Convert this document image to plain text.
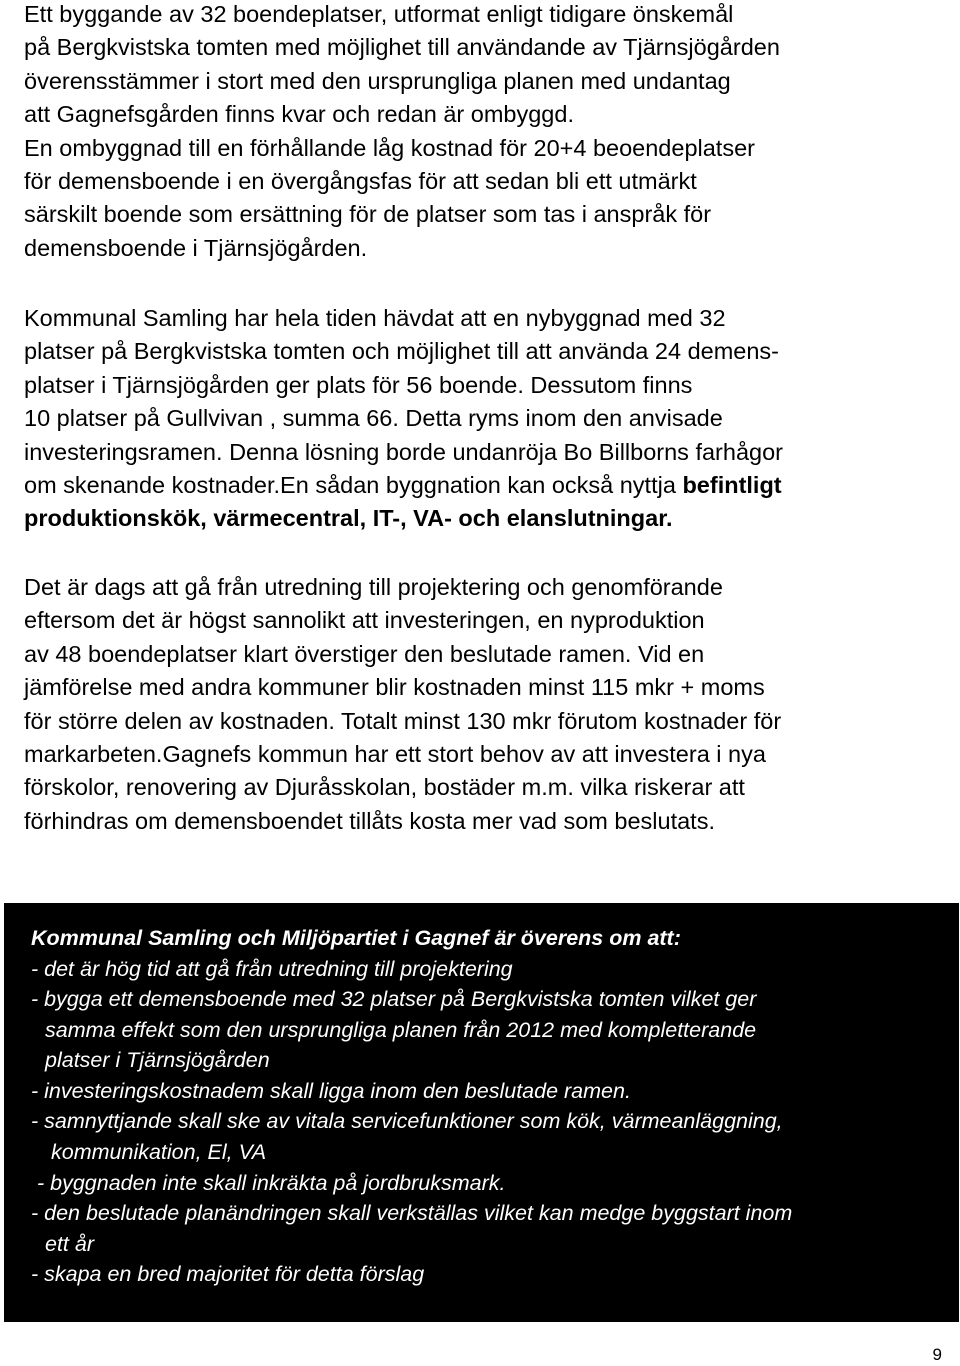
Ett byggande av 32 boendeplatser, utformat enligt tidigare önskemål
på Bergkvistska tomten med möjlighet till användande av Tjärnsjögården
överensstämmer i stort med den ursprungliga planen med undantag
att Gagnefsgården finns kvar och redan är ombyggd.
En ombyggnad till en förhållande låg kostnad för 20+4 beoendeplatser
för demensboende i en övergångsfas för att sedan bli ett utmärkt
särskilt boende som ersättning för de platser som tas i anspråk för
demensboende i Tjärnsjögården.
Kommunal Samling har hela tiden hävdat att en nybyggnad med 32
platser på Bergkvistska tomten och möjlighet till att använda 24 demens-
platser i Tjärnsjögården ger plats för 56 boende. Dessutom finns
10 platser på Gullvivan , summa 66. Detta ryms inom den anvisade
investeringsramen. Denna lösning borde undanröja Bo Billborns farhågor
om skenande kostnader.En sådan byggnation kan också nyttja befintligt
produktionskök, värmecentral, IT-, VA- och elanslutningar.
Det är dags att gå från utredning till projektering och genomförande
eftersom det är högst sannolikt att investeringen, en nyproduktion
av 48 boendeplatser klart överstiger den beslutade ramen. Vid en
jämförelse med andra kommuner blir kostnaden minst 115 mkr + moms
för större delen av kostnaden. Totalt minst 130 mkr förutom kostnader för
markarbeten.Gagnefs kommun har ett stort behov av att investera i nya
förskolor, renovering av Djuråsskolan, bostäder m.m. vilka riskerar att
förhindras om demensboendet tillåts kosta mer vad som beslutats.
Kommunal Samling och Miljöpartiet i Gagnef är överens om att:
- det är hög tid att gå från utredning till projektering
- bygga ett demensboende med 32 platser på Bergkvistska tomten vilket ger
samma effekt som den ursprungliga planen från 2012 med kompletterande
platser i Tjärnsjögården
- investeringskostnadem skall ligga inom den beslutade ramen.
- samnyttjande skall ske av vitala servicefunktioner som kök, värmeanläggning,
kommunikation, El, VA
- byggnaden inte skall inkräkta på jordbruksmark.
- den beslutade planändringen skall verkställas vilket kan medge byggstart inom
ett år
- skapa en bred majoritet för detta förslag
9
